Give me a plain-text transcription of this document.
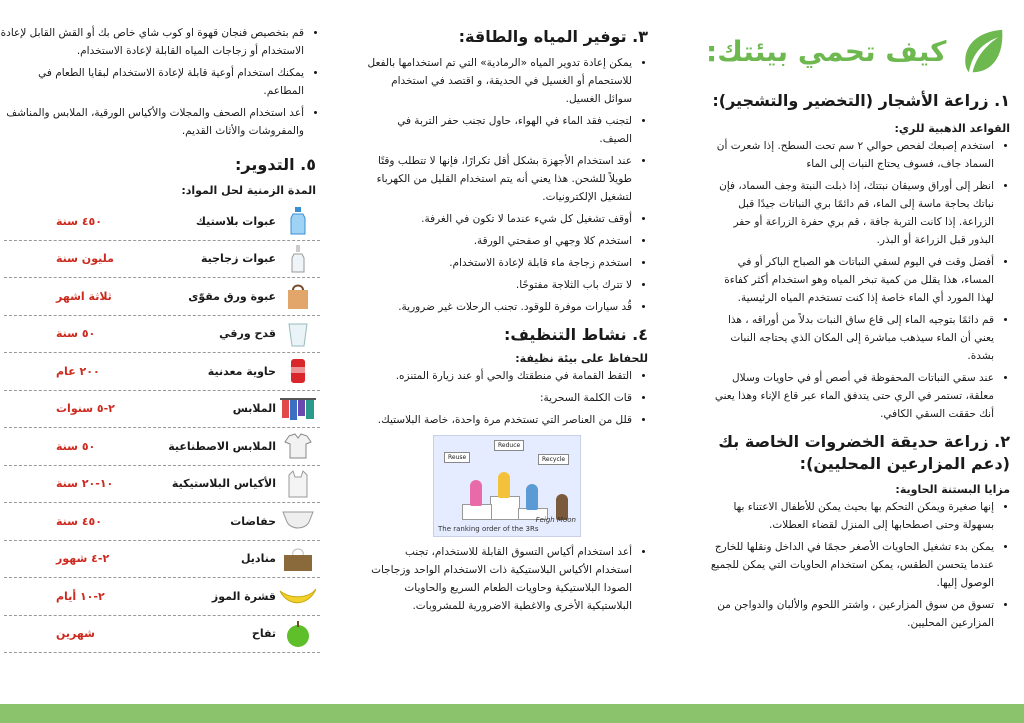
كيف تحمي بيئتك:
١. زراعة الأشجار (التخضير والتشجير):
القواعد الذهبية للري:
• استخدم إصبعك لفحص حوالي ٢ سم تحت السطح. إذا شعرت أن السماد جاف، فسوف يحتاج النبات إلى الماء
• انظر إلى أوراق وسيقان نبتتك، إذا ذبلت النبتة وجف السماد، فإن نباتك بحاجة ماسة إلى الماء، قم دائمًا بري النباتات جيدًا قبل الزراعة. إذا كانت التربة جافة ، قم بري حفرة الزراعة أو حفر البذور قبل الزراعة أو البذر.
• أفضل وقت في اليوم لسقي النباتات هو الصباح الباكر أو في المساء، هذا يقلل من كمية تبخر المياه وهو استخدام أكثر كفاءة لهذا المورد أي الماء خاصة إذا كنت تستخدم المياه الرئيسية.
• قم دائمًا بتوجيه الماء إلى قاع ساق النبات بدلاً من أوراقه ، هذا يعني أن الماء سيذهب مباشرة إلى المكان الذي يحتاجه النبات بشدة.
• عند سقي النباتات المحفوظة في أصص أو في حاويات وسلال معلقة، تستمر في الري حتى يتدفق الماء عبر قاع الإناء وهذا يعني أنك حققت السقي الكافي.
٢. زراعة حديقة الخضروات الخاصة بك (دعم المزارعين المحليين):
مزايا البستنة الحاوية:
• إنها صغيرة ويمكن التحكم بها بحيث يمكن للأطفال الاعتناء بها بسهولة وحتى اصطحابها إلى المنزل لقضاء العطلات.
• يمكن بدء تشغيل الحاويات الأصغر حجمًا في الداخل ونقلها للخارج عندما يتحسن الطقس، يمكن استخدام الحاويات التي يمكن للجميع الوصول إليها.
• تسوق من سوق المزارعين ، واشتر اللحوم والألبان والدواجن من المزارعين المحليين.
٣. توفير المياه والطاقة:
• يمكن إعادة تدوير المياه «الرمادية» التي تم استخدامها بالفعل للاستحمام أو الغسيل في الحديقة، و اقتصد في استخدام سوائل الغسيل.
• لتجنب فقد الماء في الهواء، حاول تجنب حفر التربة في الصيف.
• عند استخدام الأجهزة بشكل أقل تكرارًا، فإنها لا تتطلب وقتًا طويلاً للشحن. هذا يعني أنه يتم استخدام القليل من الكهرباء لتشغيل الإلكترونيات.
• أوقف تشغيل كل شيء عندما لا تكون في الغرفة.
• استخدم كلا وجهي او صفحتي الورقة.
• استخدم زجاجة ماء قابلة لإعادة الاستخدام.
• لا تترك باب الثلاجة مفتوحًا.
• قُد سيارات موفرة للوقود. تجنب الرحلات غير ضرورية.
٤. نشاط التنظيف:
للحفاظ على بيئة نظيفة:
• التقط القمامة في منطقتك والحي أو عند زيارة المتنزه.
• قات الكلمة السحرية:
• قلل من العناصر التي تستخدم مرة واحدة، خاصة البلاستيك.
Reduce
Reuse	Recycle
The ranking order of the 3Rs
Feigh Moon
• أعد استخدام أكياس التسوق القابلة للاستخدام، تجنب استخدام الأكياس البلاستيكية ذات الاستخدام الواحد وزجاجات الصودا البلاستيكية وحاويات الطعام السريع والحاويات البلاستيكية الأخرى والاغطية الاضرورية للمشروبات.
• قم بتخصيص فنجان قهوة او كوب شاي خاص بك أو القش القابل لإعادة الاستخدام أو زجاجات المياه القابلة لإعادة الاستخدام.
• يمكنك استخدام أوعية قابلة لإعادة الاستخدام لبقايا الطعام في المطاعم.
• أعد استخدام الصحف والمجلات والأكياس الورقية، الملابس والمناشف والمفروشات والأثاث القديم.
٥. التدوير:
المدة الزمنية لحل المواد:
عبوات بلاستيك
٤٥٠ سنة
عبوات زجاجية
مليون سنة
عبوة ورق مقوّى
ثلاثة اشهر
قدح ورقي
٥٠ سنة
حاوية معدنية
٢٠٠ عام
الملابس
٢-٥ سنوات
الملابس الاصطناعية
٥٠ سنة
الأكياس البلاستيكية
١٠-٢٠ سنة
حفاضات
٤٥٠ سنة
مناديل
٢-٤ شهور
قشرة الموز
٢-١٠ أيام
تفاح
شهرين
